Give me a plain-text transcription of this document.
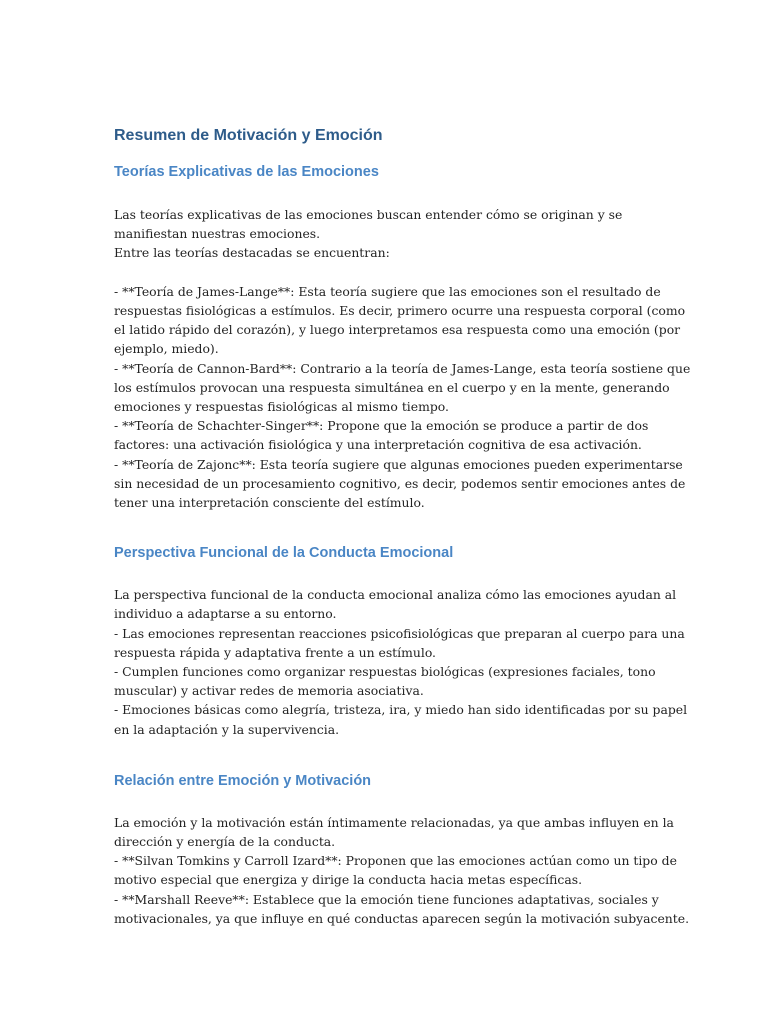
Resumen de Motivación y Emoción
Teorías Explicativas de las Emociones
Las teorías explicativas de las emociones buscan entender cómo se originan y se
manifiestan nuestras emociones.
Entre las teorías destacadas se encuentran:
- **Teoría de James-Lange**: Esta teoría sugiere que las emociones son el resultado de
respuestas fisiológicas a estímulos. Es decir, primero ocurre una respuesta corporal (como
el latido rápido del corazón), y luego interpretamos esa respuesta como una emoción (por
ejemplo, miedo).
- **Teoría de Cannon-Bard**: Contrario a la teoría de James-Lange, esta teoría sostiene que
los estímulos provocan una respuesta simultánea en el cuerpo y en la mente, generando
emociones y respuestas fisiológicas al mismo tiempo.
- **Teoría de Schachter-Singer**: Propone que la emoción se produce a partir de dos
factores: una activación fisiológica y una interpretación cognitiva de esa activación.
- **Teoría de Zajonc**: Esta teoría sugiere que algunas emociones pueden experimentarse
sin necesidad de un procesamiento cognitivo, es decir, podemos sentir emociones antes de
tener una interpretación consciente del estímulo.
Perspectiva Funcional de la Conducta Emocional
La perspectiva funcional de la conducta emocional analiza cómo las emociones ayudan al
individuo a adaptarse a su entorno.
- Las emociones representan reacciones psicofisiológicas que preparan al cuerpo para una
respuesta rápida y adaptativa frente a un estímulo.
- Cumplen funciones como organizar respuestas biológicas (expresiones faciales, tono
muscular) y activar redes de memoria asociativa.
- Emociones básicas como alegría, tristeza, ira, y miedo han sido identificadas por su papel
en la adaptación y la supervivencia.
Relación entre Emoción y Motivación
La emoción y la motivación están íntimamente relacionadas, ya que ambas influyen en la
dirección y energía de la conducta.
- **Silvan Tomkins y Carroll Izard**: Proponen que las emociones actúan como un tipo de
motivo especial que energiza y dirige la conducta hacia metas específicas.
- **Marshall Reeve**: Establece que la emoción tiene funciones adaptativas, sociales y
motivacionales, ya que influye en qué conductas aparecen según la motivación subyacente.
